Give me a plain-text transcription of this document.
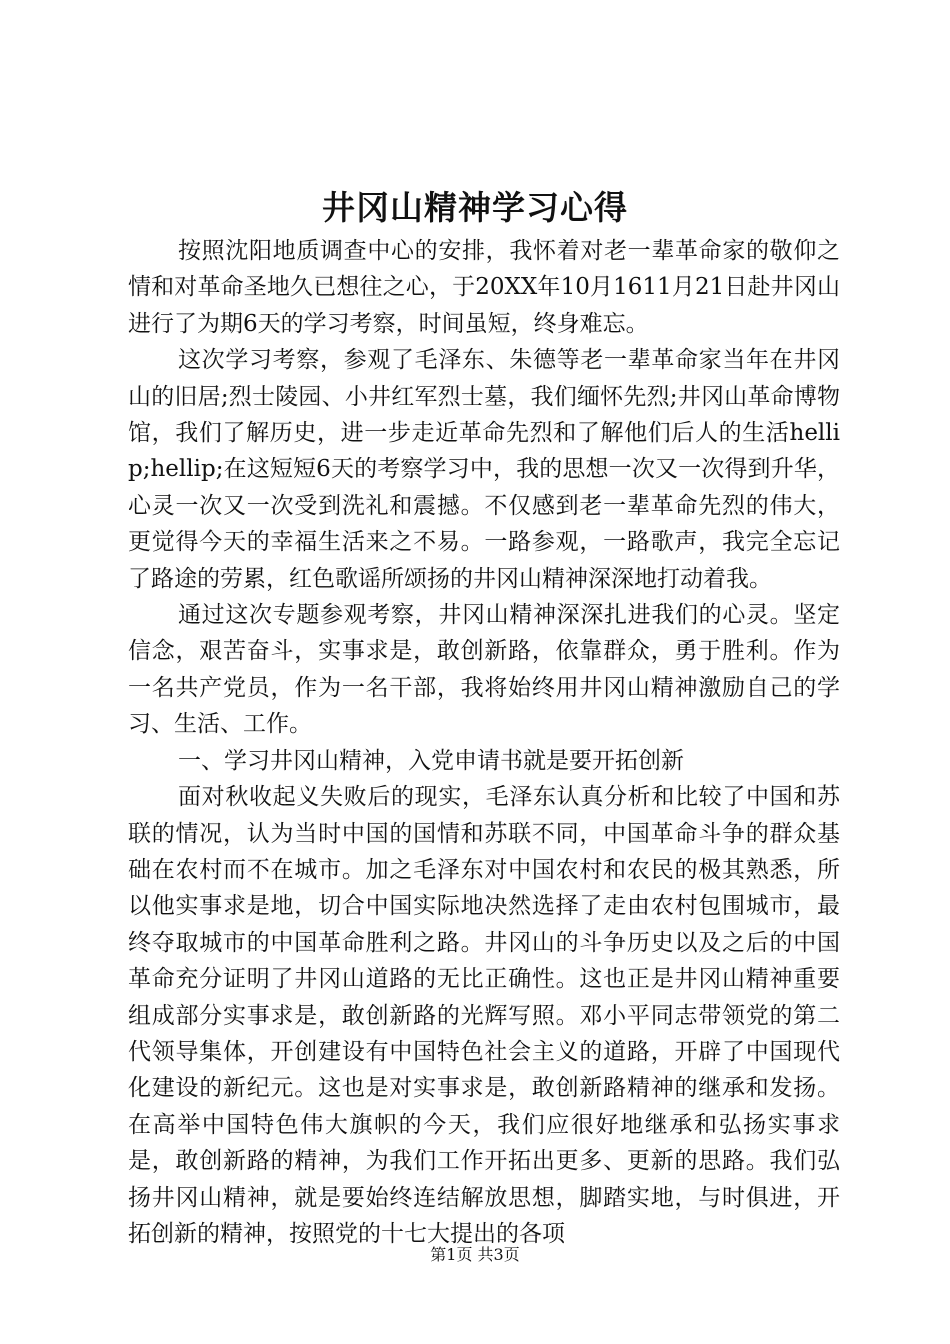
井冈山精神学习心得

按照沈阳地质调查中心的安排，我怀着对老一辈革命家的敬仰之情和对革命圣地久已想往之心，于20XX年10月1611月21日赴井冈山进行了为期6天的学习考察，时间虽短，终身难忘。

这次学习考察，参观了毛泽东、朱德等老一辈革命家当年在井冈山的旧居;烈士陵园、小井红军烈士墓，我们缅怀先烈;井冈山革命博物馆，我们了解历史，进一步走近革命先烈和了解他们后人的生活hellip;hellip;在这短短6天的考察学习中，我的思想一次又一次得到升华，心灵一次又一次受到洗礼和震撼。不仅感到老一辈革命先烈的伟大，更觉得今天的幸福生活来之不易。一路参观，一路歌声，我完全忘记了路途的劳累，红色歌谣所颂扬的井冈山精神深深地打动着我。

通过这次专题参观考察，井冈山精神深深扎进我们的心灵。坚定信念，艰苦奋斗，实事求是，敢创新路，依靠群众，勇于胜利。作为一名共产党员，作为一名干部，我将始终用井冈山精神激励自己的学习、生活、工作。

一、学习井冈山精神，入党申请书就是要开拓创新

面对秋收起义失败后的现实，毛泽东认真分析和比较了中国和苏联的情况，认为当时中国的国情和苏联不同，中国革命斗争的群众基础在农村而不在城市。加之毛泽东对中国农村和农民的极其熟悉，所以他实事求是地，切合中国实际地决然选择了走由农村包围城市，最终夺取城市的中国革命胜利之路。井冈山的斗争历史以及之后的中国革命充分证明了井冈山道路的无比正确性。这也正是井冈山精神重要组成部分实事求是，敢创新路的光辉写照。邓小平同志带领党的第二代领导集体，开创建设有中国特色社会主义的道路，开辟了中国现代化建设的新纪元。这也是对实事求是，敢创新路精神的继承和发扬。在高举中国特色伟大旗帜的今天，我们应很好地继承和弘扬实事求是，敢创新路的精神，为我们工作开拓出更多、更新的思路。我们弘扬井冈山精神，就是要始终连结解放思想，脚踏实地，与时俱进，开拓创新的精神，按照党的十七大提出的各项

第1页 共3页
